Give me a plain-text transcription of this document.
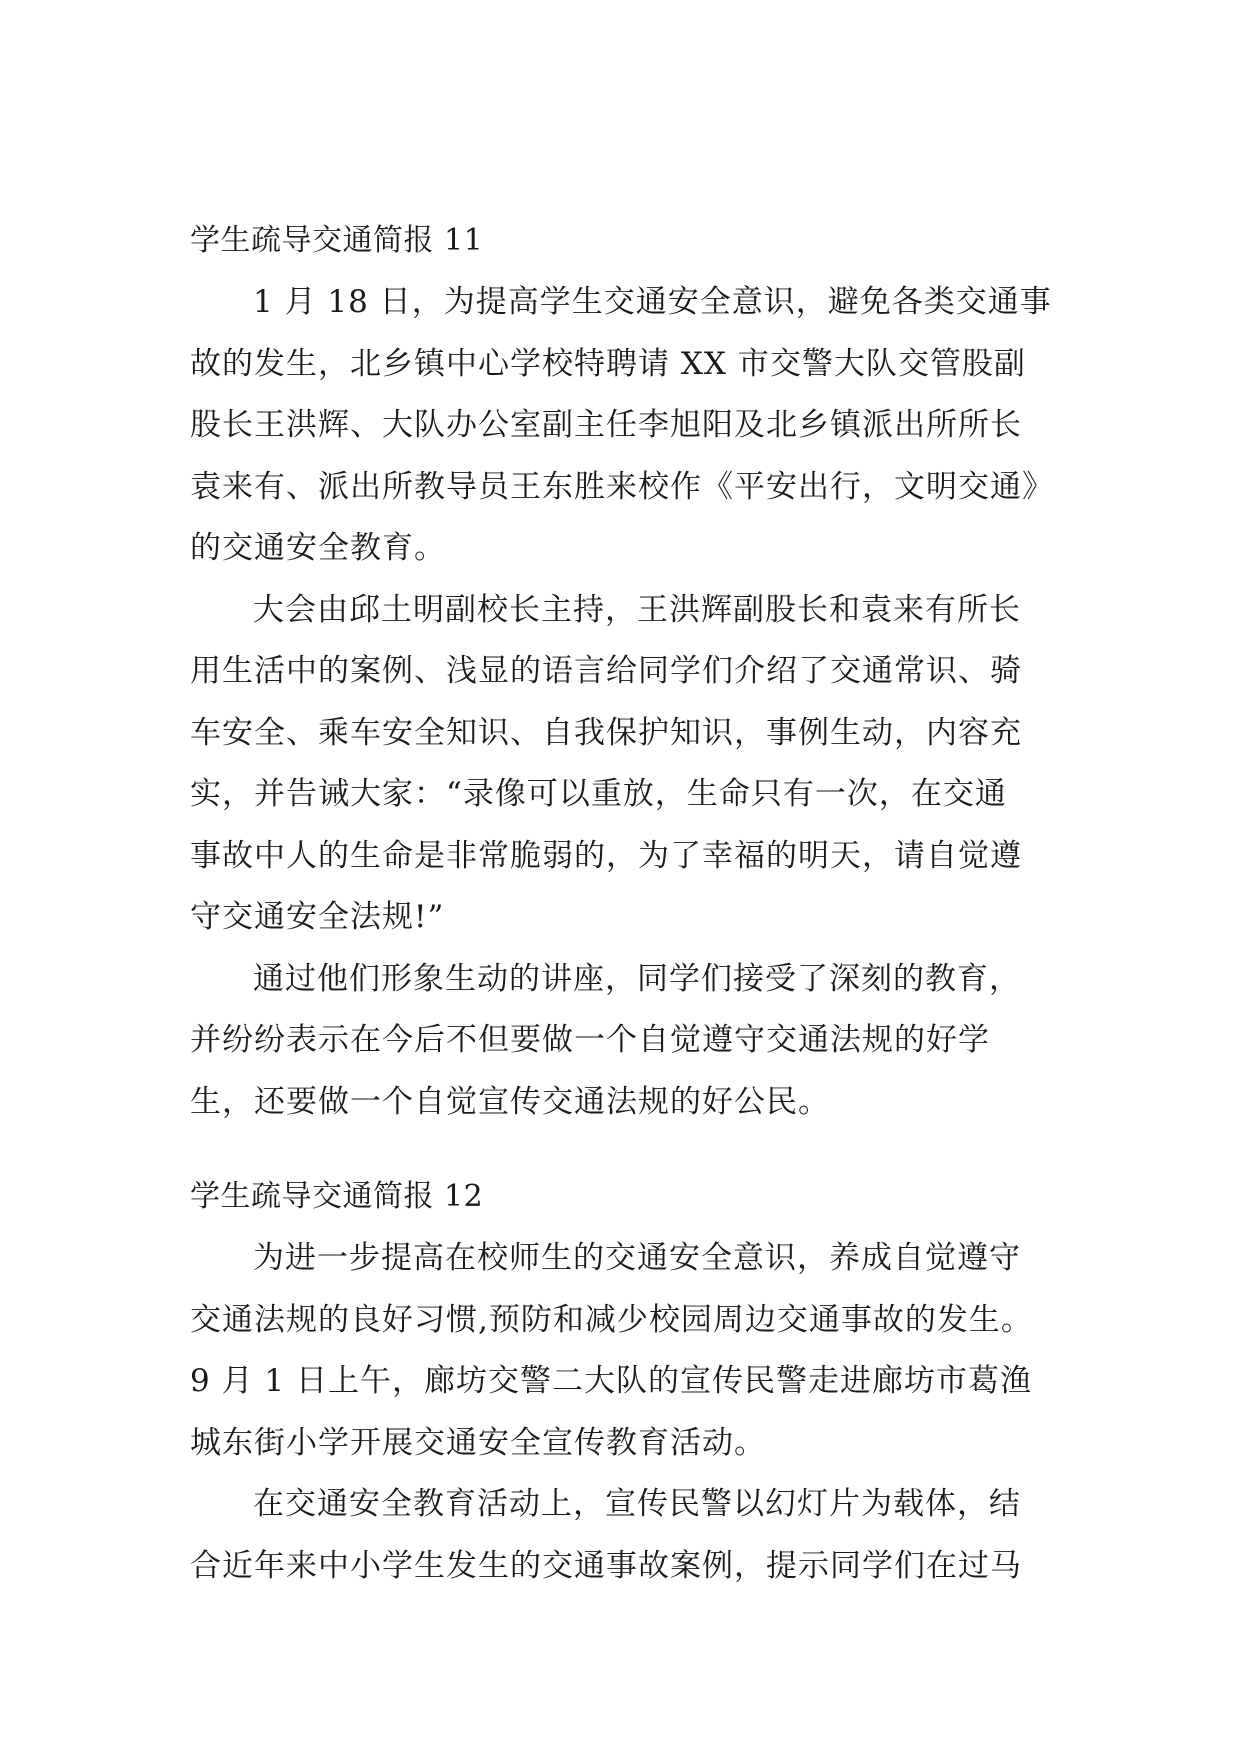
学生疏导交通简报 11
1 月 18 日，为提高学生交通安全意识，避免各类交通事
故的发生，北乡镇中心学校特聘请 XX 市交警大队交管股副
股长王洪辉、大队办公室副主任李旭阳及北乡镇派出所所长
袁来有、派出所教导员王东胜来校作《平安出行，文明交通》
的交通安全教育。
大会由邱土明副校长主持，王洪辉副股长和袁来有所长
用生活中的案例、浅显的语言给同学们介绍了交通常识、骑
车安全、乘车安全知识、自我保护知识，事例生动，内容充
实，并告诫大家：“录像可以重放，生命只有一次，在交通
事故中人的生命是非常脆弱的，为了幸福的明天，请自觉遵
守交通安全法规!”
通过他们形象生动的讲座，同学们接受了深刻的教育，
并纷纷表示在今后不但要做一个自觉遵守交通法规的好学
生，还要做一个自觉宣传交通法规的好公民。
学生疏导交通简报 12
为进一步提高在校师生的交通安全意识，养成自觉遵守
交通法规的良好习惯,预防和减少校园周边交通事故的发生。
9 月 1 日上午，廊坊交警二大队的宣传民警走进廊坊市葛渔
城东街小学开展交通安全宣传教育活动。
在交通安全教育活动上，宣传民警以幻灯片为载体，结
合近年来中小学生发生的交通事故案例，提示同学们在过马
